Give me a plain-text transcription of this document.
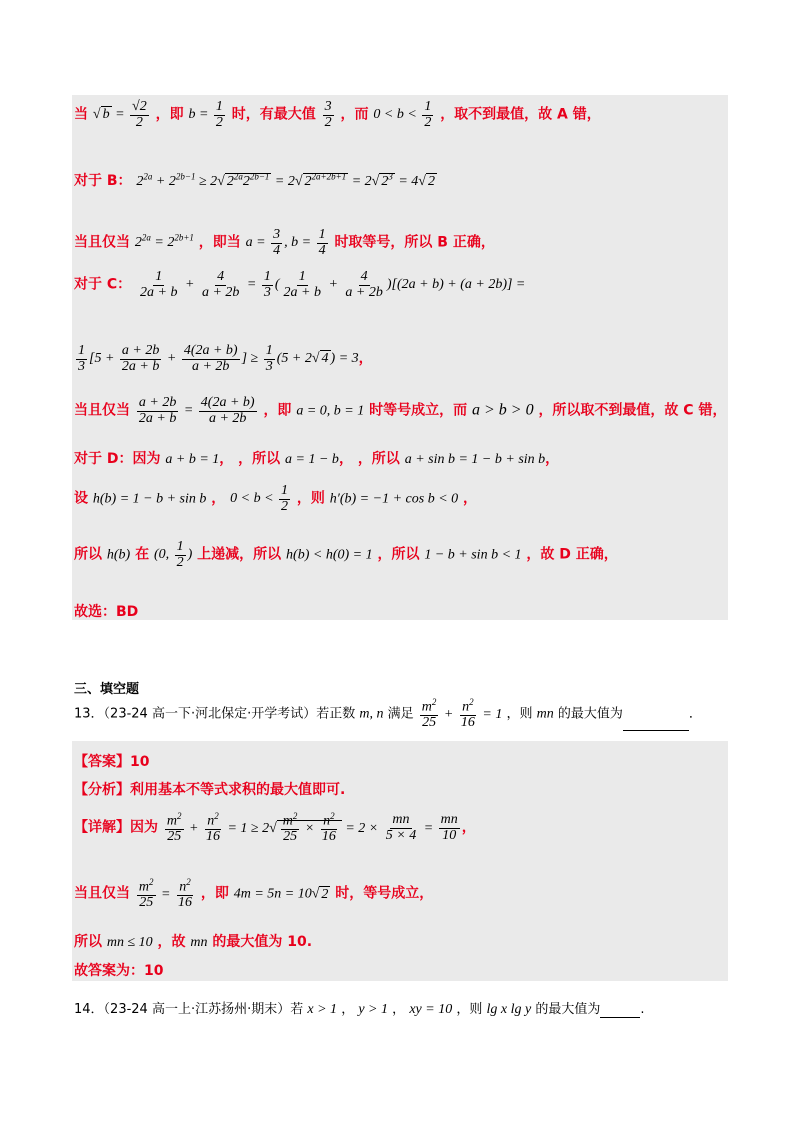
当 √ $b = \frac{√2}{2}$ ，即 $b = \frac{1}{2}$ 时，有最大值 $\frac{3}{2}$ ，而 $0 < b < \frac{1}{2}$ ，取不到最值，故 A 错，
对于 B： $2^{2a} + 2^{2b-1} \ge 2√$ $2^{2a}2^{2b-1} = 2√$ $2^{2a+2b+1} = 2√$ $2^3 = 4√$ 2
当且仅当 $2^{2a} = 2^{2b+1}$ ，即当 $a = \frac{3}{4}$ , $b = \frac{1}{4}$ 时取等号，所以 B 正确，
对于 C： $\frac{1}{2a + b} + \frac{4}{a + 2b} = \frac{1}{3}$ ( $\frac{1}{2a + b} + \frac{4}{a + 2b} )[(2a + b) + (a + 2b)]$ =
$\frac{1}{3} [5 + \frac{a + 2b}{2a + b} + \frac{4(2a + b)}{a + 2b}$ ] ≥ $\frac{1}{3} (5 + 2√$ 4 ) = 3，
当且仅当 $\frac{a + 2b}{2a + b} = \frac{4(2a + b)}{a + 2b}$ ，即 a = 0, b = 1 时等号成立，而 a > b > 0 ，所以取不到最值，故 C 错，
对于 D：因为 a + b = 1， ，所以 a = 1 − b， ，所以 a + sin b = 1 − b + sin b，
设 h(b) = 1 − b + sin b ， $0 < b < \frac{1}{2}$ ，则 h′(b) = −1 + cos b < 0 ，
所以 h(b) 在 (0, $\frac{1}{2}$ ) 上递减，所以 h(b) < h(0) = 1 ，所以 1 − b + sin b < 1 ，故 D 正确，
故选：BD
三、填空题
13．（23-24 高一下·河北保定·开学考试）若正数 m, n 满足 $\frac{m^2}{25} + \frac{n^2}{16} = 1$ ，则 mn 的最大值为	．
【答案】10
【分析】利用基本不等式求积的最大值即可.
【详解】因为 $\frac{m^2}{25} + \frac{n^2}{16} = 1 \ge 2√ \frac{m^2}{25} \times \frac{n^2}{16} = 2 \times \frac{mn}{5 \times 4} = \frac{mn}{10}$ ，
当且仅当 $\frac{m^2}{25} = \frac{n^2}{16}$ ，即 4m = 5n = 10√ 2 时，等号成立，
所以 mn ≤ 10 ，故 mn 的最大值为 10.
故答案为：10
14．（23-24 高一上·江苏扬州·期末）若 x > 1 ， y > 1 ， xy = 10 ，则 lg x lg y 的最大值为	.
